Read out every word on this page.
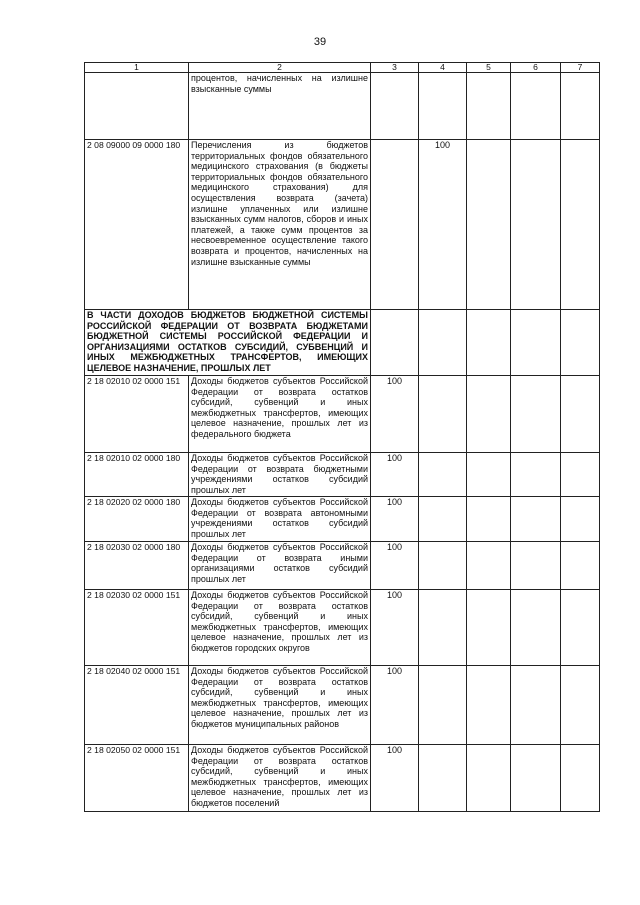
39
1	2	3	4	5	6	7
	процентов, начисленных на излишне взысканные суммы					
2 08 09000 09 0000 180	Перечисления из бюджетов территориальных фондов обязательного медицинского страхования (в бюджеты территориальных фондов обязательного медицинского страхования) для осуществления возврата (зачета) излишне уплаченных или излишне взысканных сумм налогов, сборов и иных платежей, а также сумм процентов за несвоевременное осуществление такого возврата и процентов, начисленных на излишне взысканные суммы		100			
В ЧАСТИ ДОХОДОВ БЮДЖЕТОВ БЮДЖЕТНОЙ СИСТЕМЫ РОССИЙСКОЙ ФЕДЕРАЦИИ ОТ ВОЗВРАТА БЮДЖЕТАМИ БЮДЖЕТНОЙ СИСТЕМЫ РОССИЙСКОЙ ФЕДЕРАЦИИ И ОРГАНИЗАЦИЯМИ ОСТАТКОВ СУБСИДИЙ, СУБВЕНЦИЙ И ИНЫХ МЕЖБЮДЖЕТНЫХ ТРАНСФЕРТОВ, ИМЕЮЩИХ ЦЕЛЕВОЕ НАЗНАЧЕНИЕ, ПРОШЛЫХ ЛЕТ						
2 18 02010 02 0000 151	Доходы бюджетов субъектов Российской Федерации от возврата остатков субсидий, субвенций и иных межбюджетных трансфертов, имеющих целевое назначение, прошлых лет из федерального бюджета	100				
2 18 02010 02 0000 180	Доходы бюджетов субъектов Российской Федерации от возврата бюджетными учреждениями остатков субсидий прошлых лет	100				
2 18 02020 02 0000 180	Доходы бюджетов субъектов Российской Федерации от возврата автономными учреждениями остатков субсидий прошлых лет	100				
2 18 02030 02 0000 180	Доходы бюджетов субъектов Российской Федерации от возврата иными организациями остатков субсидий прошлых лет	100				
2 18 02030 02 0000 151	Доходы бюджетов субъектов Российской Федерации от возврата остатков субсидий, субвенций и иных межбюджетных трансфертов, имеющих целевое назначение, прошлых лет из бюджетов городских округов	100				
2 18 02040 02 0000 151	Доходы бюджетов субъектов Российской Федерации от возврата остатков субсидий, субвенций и иных межбюджетных трансфертов, имеющих целевое назначение, прошлых лет из бюджетов муниципальных районов	100				
2 18 02050 02 0000 151	Доходы бюджетов субъектов Российской Федерации от возврата остатков субсидий, субвенций и иных межбюджетных трансфертов, имеющих целевое назначение, прошлых лет из бюджетов поселений	100				
